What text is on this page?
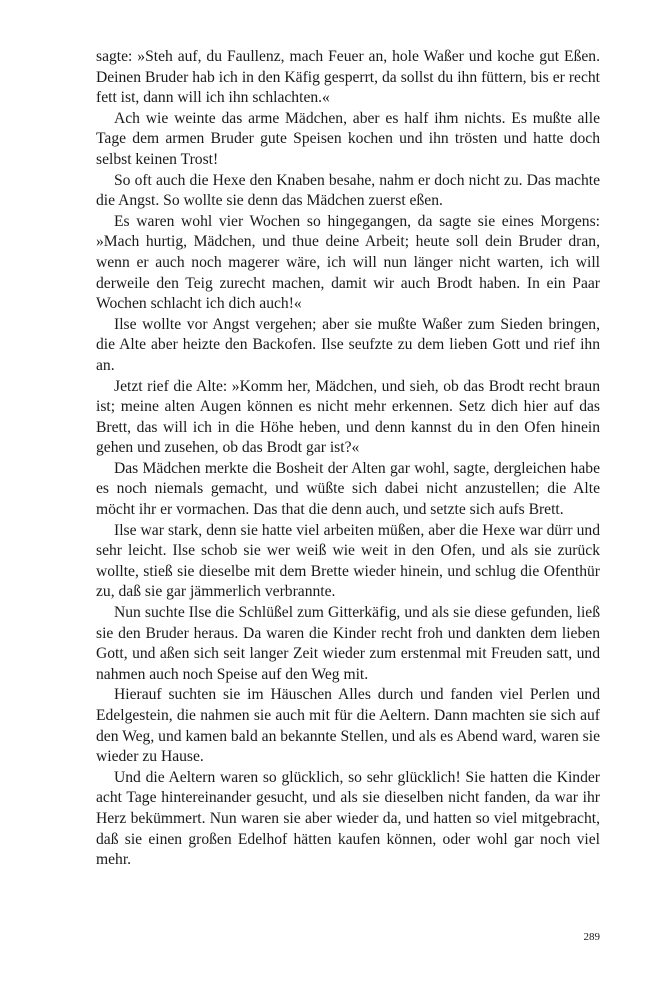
sagte: »Steh auf, du Faullenz, mach Feuer an, hole Waßer und koche gut Eßen. Deinen Bruder hab ich in den Käfig gesperrt, da sollst du ihn füttern, bis er recht fett ist, dann will ich ihn schlachten.«

Ach wie weinte das arme Mädchen, aber es half ihm nichts. Es mußte alle Tage dem armen Bruder gute Speisen kochen und ihn trösten und hatte doch selbst keinen Trost!

So oft auch die Hexe den Knaben besahe, nahm er doch nicht zu. Das machte die Angst. So wollte sie denn das Mädchen zuerst eßen.

Es waren wohl vier Wochen so hingegangen, da sagte sie eines Morgens: »Mach hurtig, Mädchen, und thue deine Arbeit; heute soll dein Bruder dran, wenn er auch noch magerer wäre, ich will nun länger nicht warten, ich will derweile den Teig zurecht machen, damit wir auch Brodt haben. In ein Paar Wochen schlacht ich dich auch!«

Ilse wollte vor Angst vergehen; aber sie mußte Waßer zum Sieden bringen, die Alte aber heizte den Backofen. Ilse seufzte zu dem lieben Gott und rief ihn an.

Jetzt rief die Alte: »Komm her, Mädchen, und sieh, ob das Brodt recht braun ist; meine alten Augen können es nicht mehr erkennen. Setz dich hier auf das Brett, das will ich in die Höhe heben, und denn kannst du in den Ofen hinein gehen und zusehen, ob das Brodt gar ist?«

Das Mädchen merkte die Bosheit der Alten gar wohl, sagte, dergleichen habe es noch niemals gemacht, und wüßte sich dabei nicht anzustellen; die Alte möcht ihr er vormachen. Das that die denn auch, und setzte sich aufs Brett.

Ilse war stark, denn sie hatte viel arbeiten müßen, aber die Hexe war dürr und sehr leicht. Ilse schob sie wer weiß wie weit in den Ofen, und als sie zurück wollte, stieß sie dieselbe mit dem Brette wieder hinein, und schlug die Ofenthür zu, daß sie gar jämmerlich verbrannte.

Nun suchte Ilse die Schlüßel zum Gitterkäfig, und als sie diese gefunden, ließ sie den Bruder heraus. Da waren die Kinder recht froh und dankten dem lieben Gott, und aßen sich seit langer Zeit wieder zum erstenmal mit Freuden satt, und nahmen auch noch Speise auf den Weg mit.

Hierauf suchten sie im Häuschen Alles durch und fanden viel Perlen und Edelgestein, die nahmen sie auch mit für die Aeltern. Dann machten sie sich auf den Weg, und kamen bald an bekannte Stellen, und als es Abend ward, waren sie wieder zu Hause.

Und die Aeltern waren so glücklich, so sehr glücklich! Sie hatten die Kinder acht Tage hintereinander gesucht, und als sie dieselben nicht fanden, da war ihr Herz bekümmert. Nun waren sie aber wieder da, und hatten so viel mitgebracht, daß sie einen großen Edelhof hätten kaufen können, oder wohl gar noch viel mehr.

289
